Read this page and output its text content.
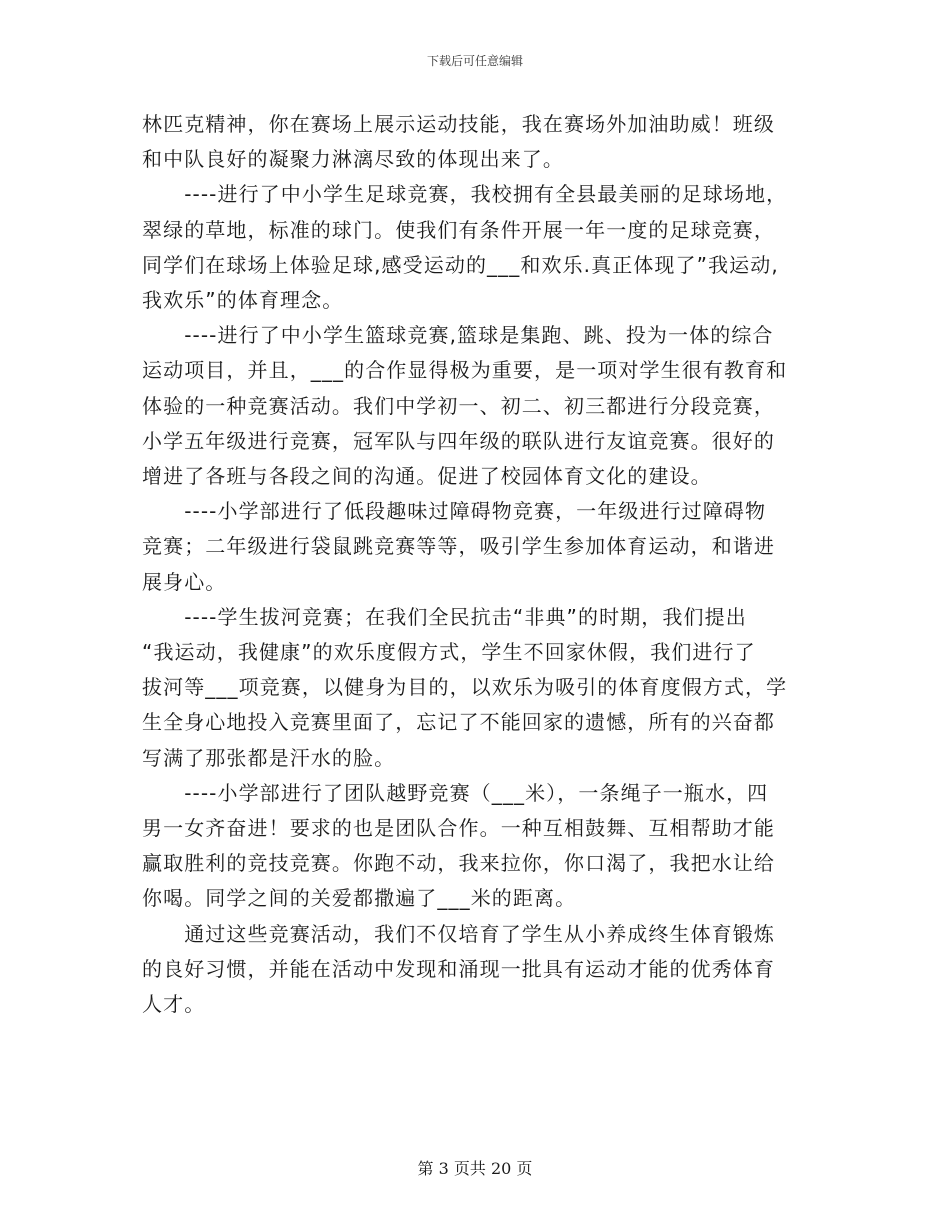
下载后可任意编辑

林匹克精神，你在赛场上展示运动技能，我在赛场外加油助威！班级
和中队良好的凝聚力淋漓尽致的体现出来了。

　　----进行了中小学生足球竞赛，我校拥有全县最美丽的足球场地，
翠绿的草地，标准的球门。使我们有条件开展一年一度的足球竞赛，
同学们在球场上体验足球,感受运动的___和欢乐.真正体现了”我运动,
我欢乐”的体育理念。

　　----进行了中小学生篮球竞赛,篮球是集跑、跳、投为一体的综合
运动项目，并且，___的合作显得极为重要，是一项对学生很有教育和
体验的一种竞赛活动。我们中学初一、初二、初三都进行分段竞赛，
小学五年级进行竞赛，冠军队与四年级的联队进行友谊竞赛。很好的
增进了各班与各段之间的沟通。促进了校园体育文化的建设。

　　----小学部进行了低段趣味过障碍物竞赛，一年级进行过障碍物
竞赛；二年级进行袋鼠跳竞赛等等，吸引学生参加体育运动，和谐进
展身心。

　　----学生拔河竞赛；在我们全民抗击“非典”的时期，我们提出
“我运动，我健康”的欢乐度假方式，学生不回家休假，我们进行了
拔河等___项竞赛，以健身为目的，以欢乐为吸引的体育度假方式，学
生全身心地投入竞赛里面了，忘记了不能回家的遗憾，所有的兴奋都
写满了那张都是汗水的脸。

　　----小学部进行了团队越野竞赛（___米），一条绳子一瓶水，四
男一女齐奋进！要求的也是团队合作。一种互相鼓舞、互相帮助才能
赢取胜利的竞技竞赛。你跑不动，我来拉你，你口渴了，我把水让给
你喝。同学之间的关爱都撒遍了___米的距离。

　　通过这些竞赛活动，我们不仅培育了学生从小养成终生体育锻炼
的良好习惯，并能在活动中发现和涌现一批具有运动才能的优秀体育
人才。

第 3 页共 20 页
